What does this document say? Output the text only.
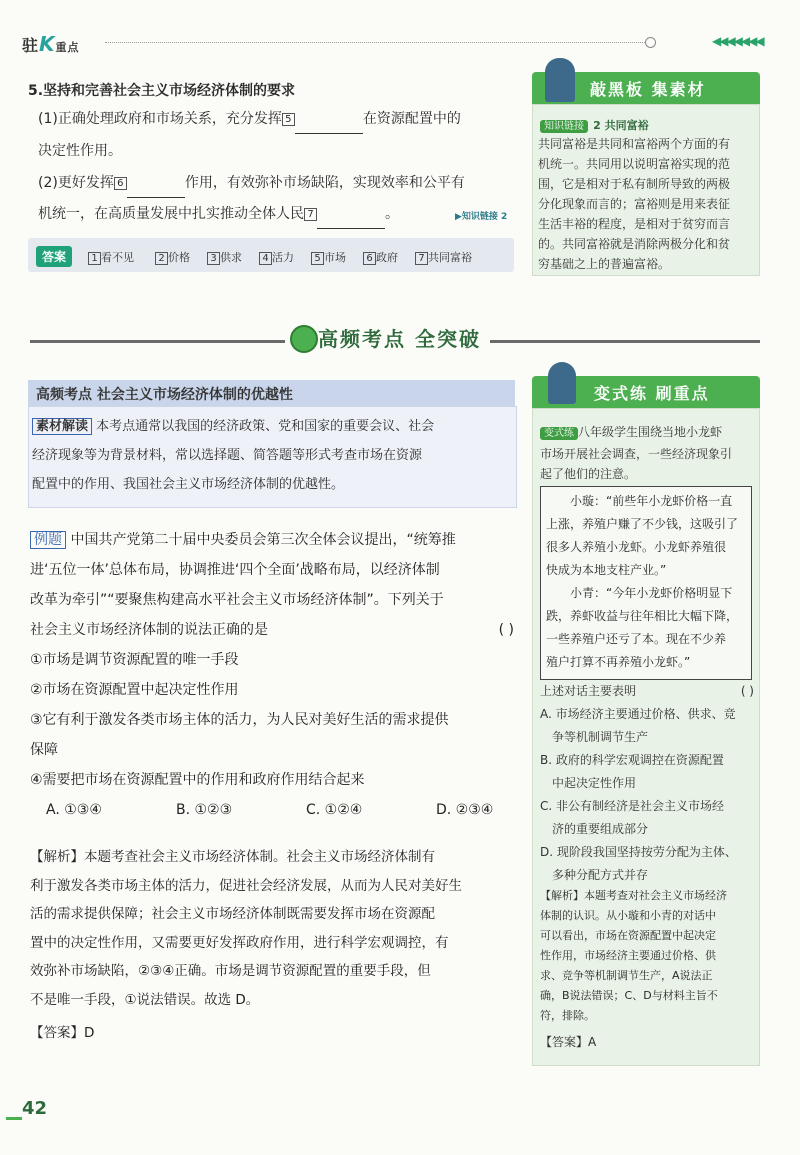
驻K重点	◀◀◀◀◀◀◀
5.坚持和完善社会主义市场经济体制的要求
(1)正确处理政府和市场关系，充分发挥 5	在资源配置中的
决定性作用。
(2)更好发挥 6	作用，有效弥补市场缺陷，实现效率和公平有
机统一，在高质量发展中扎实推动全体人民 7	。	▶知识链接 2
答案	1 看不见	2 价格	3 供求	4 活力	5 市场	6 政府	7 共同富裕
敲黑板 集素材
知识链接 2 共同富裕
共同富裕是共同和富裕两个方面的有
机统一。共同用以说明富裕实现的范
围，它是相对于私有制所导致的两极
分化现象而言的；富裕则是用来表征
生活丰裕的程度，是相对于贫穷而言
的。共同富裕就是消除两极分化和贫
穷基础之上的普遍富裕。
高频考点 全突破
高频考点 社会主义市场经济体制的优越性
素材解读 本考点通常以我国的经济政策、党和国家的重要会议、社会
经济现象等为背景材料，常以选择题、简答题等形式考查市场在资源
配置中的作用、我国社会主义市场经济体制的优越性。
例题 中国共产党第二十届中央委员会第三次全体会议提出，“统筹推
进‘五位一体’总体布局，协调推进‘四个全面’战略布局，以经济体制
改革为牵引”“要聚焦构建高水平社会主义市场经济体制”。下列关于
社会主义市场经济体制的说法正确的是	( )
①市场是调节资源配置的唯一手段
②市场在资源配置中起决定性作用
③它有利于激发各类市场主体的活力，为人民对美好生活的需求提供
保障
④需要把市场在资源配置中的作用和政府作用结合起来
A. ①③④	B. ①②③	C. ①②④	D. ②③④
【解析】本题考查社会主义市场经济体制。社会主义市场经济体制有
利于激发各类市场主体的活力，促进社会经济发展，从而为人民对美好生
活的需求提供保障；社会主义市场经济体制既需要发挥市场在资源配
置中的决定性作用，又需要更好发挥政府作用，进行科学宏观调控，有
效弥补市场缺陷，②③④正确。市场是调节资源配置的重要手段，但
不是唯一手段，①说法错误。故选 D。
【答案】D
变式练 刷重点
变式练 八年级学生围绕当地小龙虾
市场开展社会调查，一些经济现象引
起了他们的注意。
小璇：“前些年小龙虾价格一直
上涨，养殖户赚了不少钱，这吸引了
很多人养殖小龙虾。小龙虾养殖很
快成为本地支柱产业。”
小青：“今年小龙虾价格明显下
跌，养虾收益与往年相比大幅下降，
一些养殖户还亏了本。现在不少养
殖户打算不再养殖小龙虾。”
上述对话主要表明	( )
A. 市场经济主要通过价格、供求、竞
争等机制调节生产
B. 政府的科学宏观调控在资源配置
中起决定性作用
C. 非公有制经济是社会主义市场经
济的重要组成部分
D. 现阶段我国坚持按劳分配为主体、
多种分配方式并存
【解析】本题考查对社会主义市场经济
体制的认识。从小璇和小青的对话中
可以看出，市场在资源配置中起决定
性作用，市场经济主要通过价格、供
求、竞争等机制调节生产，A说法正
确，B说法错误；C、D与材料主旨不
符，排除。
【答案】A
42
